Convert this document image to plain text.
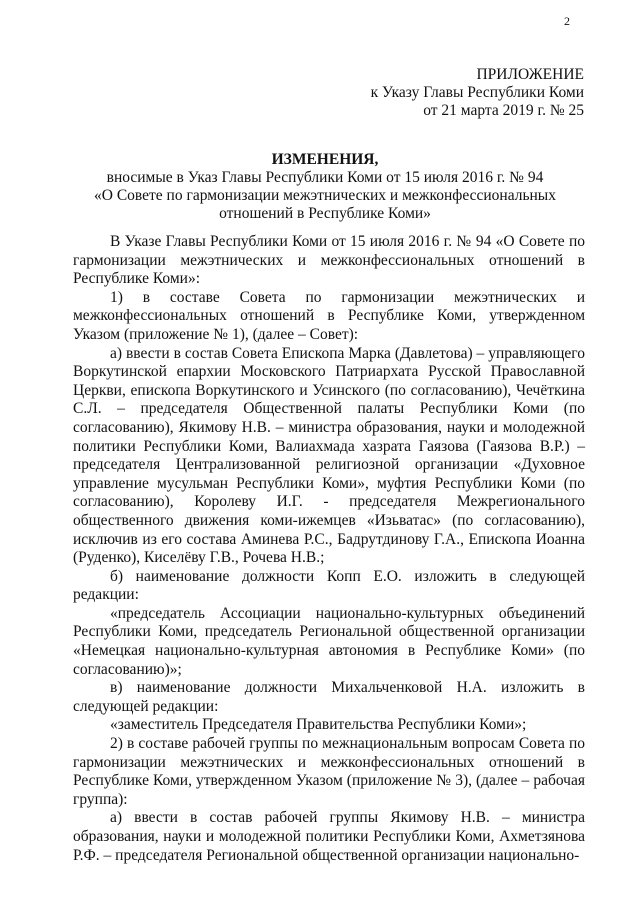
2
ПРИЛОЖЕНИЕ
к Указу Главы Республики Коми
от 21 марта 2019 г. № 25
ИЗМЕНЕНИЯ,
вносимые в Указ Главы Республики Коми от 15 июля 2016 г. № 94
«О Совете по гармонизации межэтнических и межконфессиональных
отношений в Республике Коми»

В Указе Главы Республики Коми от 15 июля 2016 г. № 94 «О Совете по гармонизации межэтнических и межконфессиональных отношений в Республике Коми»:

1) в составе Совета по гармонизации межэтнических и межконфессиональных отношений в Республике Коми, утвержденном Указом (приложение № 1), (далее – Совет):

а) ввести в состав Совета Епископа Марка (Давлетова) – управляющего Воркутинской епархии Московского Патриархата Русской Православной Церкви, епископа Воркутинского и Усинского (по согласованию), Чечёткина С.Л. – председателя Общественной палаты Республики Коми (по согласованию), Якимову Н.В. – министра образования, науки и молодежной политики Республики Коми, Валиахмада хазрата Гаязова (Гаязова В.Р.) – председателя Централизованной религиозной организации «Духовное управление мусульман Республики Коми», муфтия Республики Коми (по согласованию), Королеву И.Г. - председателя Межрегионального общественного движения коми-ижемцев «Изьватас» (по согласованию), исключив из его состава Аминева Р.С., Бадрутдинову Г.А., Епископа Иоанна (Руденко), Киселёву Г.В., Рочева Н.В.;

б) наименование должности Копп Е.О. изложить в следующей редакции:

«председатель Ассоциации национально-культурных объединений Республики Коми, председатель Региональной общественной организации «Немецкая национально-культурная автономия в Республике Коми» (по согласованию)»;

в) наименование должности Михальченковой Н.А. изложить в следующей редакции:

«заместитель Председателя Правительства Республики Коми»;

2) в составе рабочей группы по межнациональным вопросам Совета по гармонизации межэтнических и межконфессиональных отношений в Республике Коми, утвержденном Указом (приложение № 3), (далее – рабочая группа):

а) ввести в состав рабочей группы Якимову Н.В. – министра образования, науки и молодежной политики Республики Коми, Ахметзянова Р.Ф. – председателя Региональной общественной организации национально-
